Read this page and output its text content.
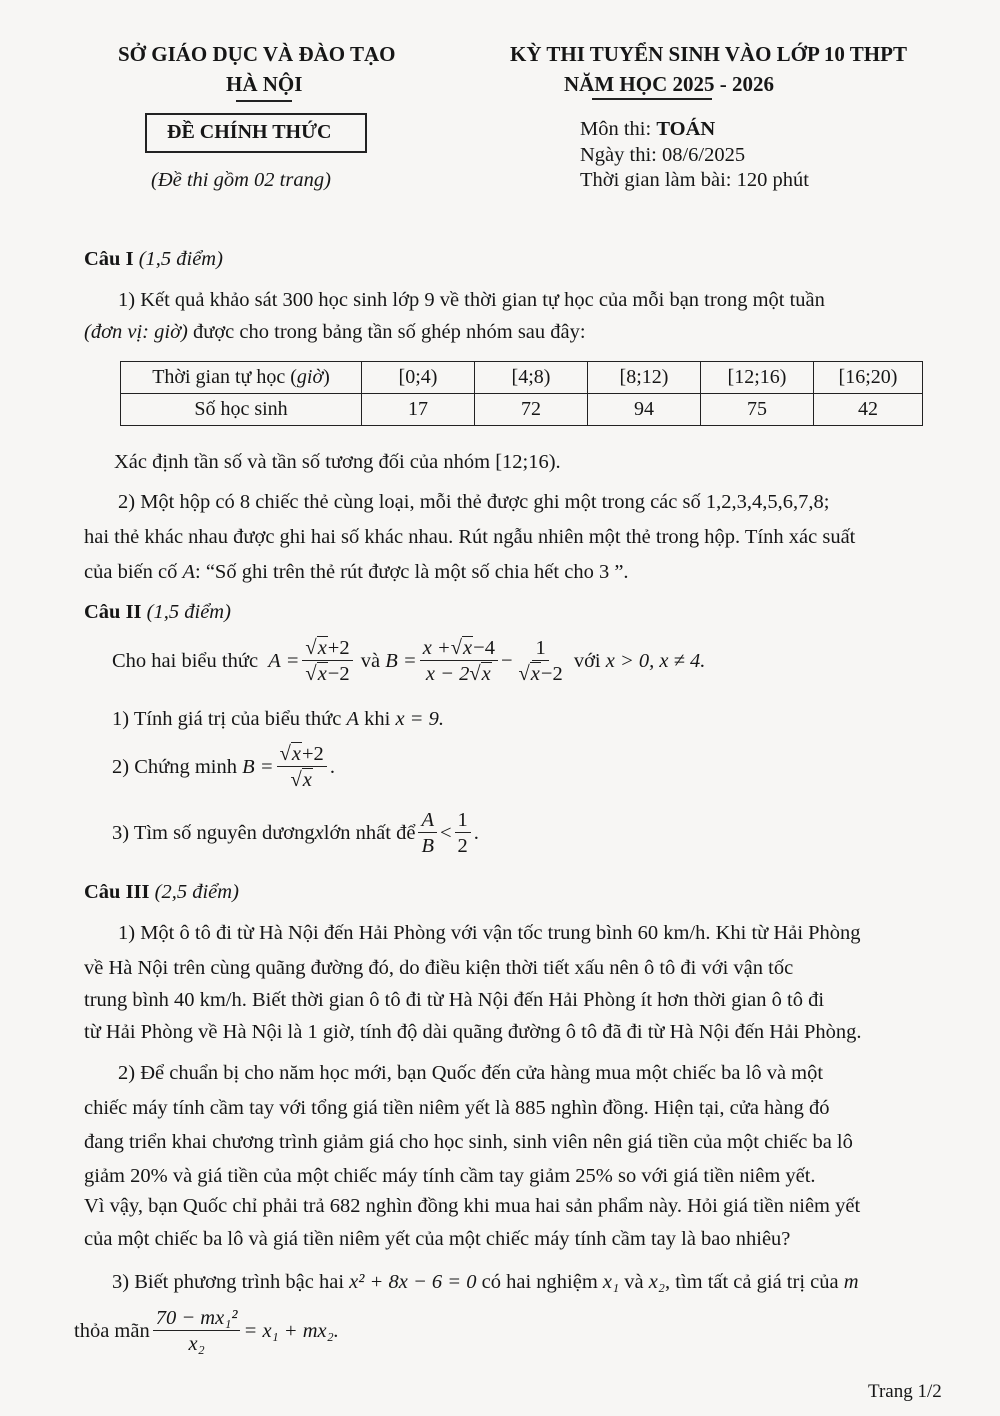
SỞ GIÁO DỤC VÀ ĐÀO TẠO
HÀ NỘI
KỲ THI TUYỂN SINH VÀO LỚP 10 THPT
NĂM HỌC 2025 - 2026
ĐỀ CHÍNH THỨC
(Đề thi gồm 02 trang)
Môn thi: TOÁN
Ngày thi: 08/6/2025
Thời gian làm bài: 120 phút
Câu I (1,5 điểm)
1) Kết quả khảo sát 300 học sinh lớp 9 về thời gian tự học của mỗi bạn trong một tuần
(đơn vị: giờ) được cho trong bảng tần số ghép nhóm sau đây:
Thời gian tự học (giờ)	[0;4)	[4;8)	[8;12)	[12;16)	[16;20)
Số học sinh	17	72	94	75	42
Xác định tần số và tần số tương đối của nhóm [12;16).
2) Một hộp có 8 chiếc thẻ cùng loại, mỗi thẻ được ghi một trong các số 1,2,3,4,5,6,7,8;
hai thẻ khác nhau được ghi hai số khác nhau. Rút ngẫu nhiên một thẻ trong hộp. Tính xác suất
của biến cố A: “Số ghi trên thẻ rút được là một số chia hết cho 3 ”.
Câu II (1,5 điểm)
Cho hai biểu thức
$A = \frac{√x+2}{√x-2}$
và
$B = \frac{x +√x-4}{x - 2√x} - \frac{1}{√x-2}$
với
x > 0, x ≠ 4.
1) Tính giá trị của biểu thức A khi x = 9.
2) Chứng minh
$B = \frac{√x+2}{√x}$ .
3) Tìm số nguyên dương x lớn nhất để $\frac{A}{B} < \frac{1}{2}$ .
Câu III (2,5 điểm)
1) Một ô tô đi từ Hà Nội đến Hải Phòng với vận tốc trung bình 60 km/h. Khi từ Hải Phòng
về Hà Nội trên cùng quãng đường đó, do điều kiện thời tiết xấu nên ô tô đi với vận tốc
trung bình 40 km/h. Biết thời gian ô tô đi từ Hà Nội đến Hải Phòng ít hơn thời gian ô tô đi
từ Hải Phòng về Hà Nội là 1 giờ, tính độ dài quãng đường ô tô đã đi từ Hà Nội đến Hải Phòng.
2) Để chuẩn bị cho năm học mới, bạn Quốc đến cửa hàng mua một chiếc ba lô và một
chiếc máy tính cầm tay với tổng giá tiền niêm yết là 885 nghìn đồng. Hiện tại, cửa hàng đó
đang triển khai chương trình giảm giá cho học sinh, sinh viên nên giá tiền của một chiếc ba lô
giảm 20% và giá tiền của một chiếc máy tính cầm tay giảm 25% so với giá tiền niêm yết.
Vì vậy, bạn Quốc chỉ phải trả 682 nghìn đồng khi mua hai sản phẩm này. Hỏi giá tiền niêm yết
của một chiếc ba lô và giá tiền niêm yết của một chiếc máy tính cầm tay là bao nhiêu?
3) Biết phương trình bậc hai x² + 8x − 6 = 0 có hai nghiệm x₁ và x₂, tìm tất cả giá trị của m
thỏa mãn $\frac{\text{70 − mx₁²}}{\text{x₂}} = x_1 + mx_2$.
Trang 1/2
